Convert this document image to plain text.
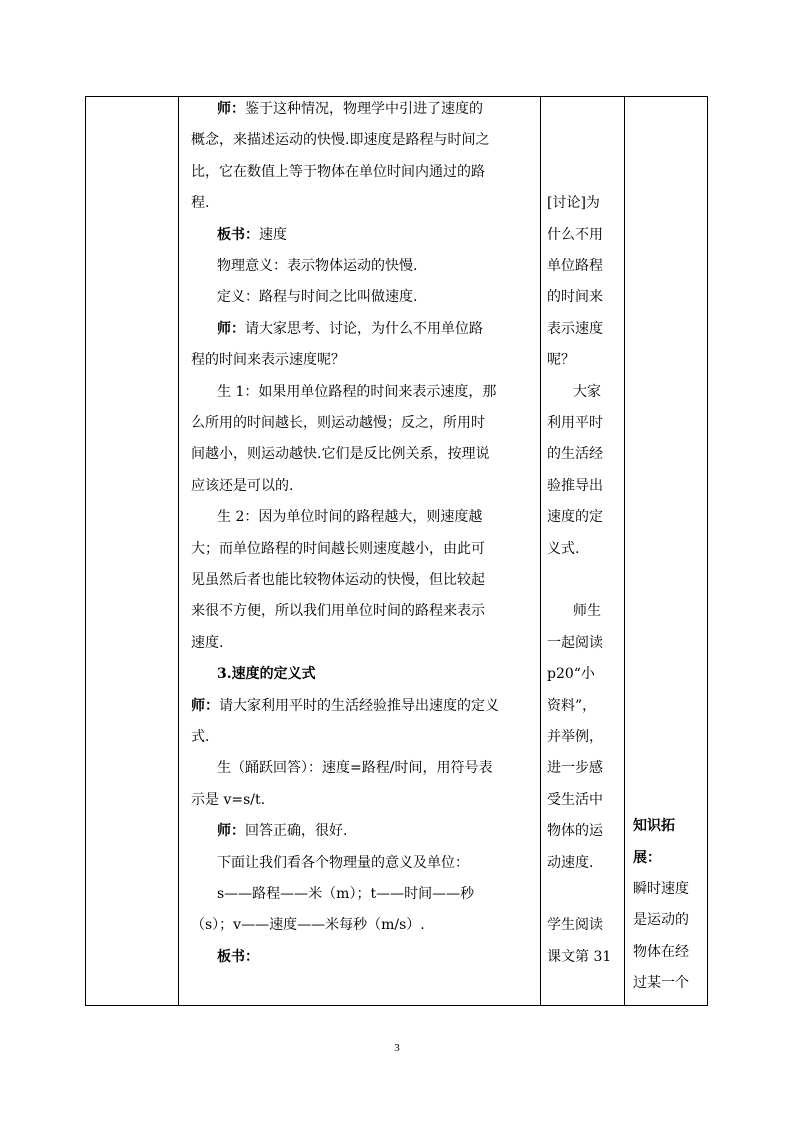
师：鉴于这种情况，物理学中引进了速度的
概念，来描述运动的快慢.即速度是路程与时间之
比，它在数值上等于物体在单位时间内通过的路
程.
板书：速度
物理意义：表示物体运动的快慢.
定义：路程与时间之比叫做速度.
师：请大家思考、讨论，为什么不用单位路
程的时间来表示速度呢？
生 1：如果用单位路程的时间来表示速度，那
么所用的时间越长，则运动越慢；反之，所用时
间越小，则运动越快.它们是反比例关系，按理说
应该还是可以的.
生 2：因为单位时间的路程越大，则速度越
大；而单位路程的时间越长则速度越小，由此可
见虽然后者也能比较物体运动的快慢，但比较起
来很不方便，所以我们用单位时间的路程来表示
速度.
3.速度的定义式
师：请大家利用平时的生活经验推导出速度的定义
式.
生（踊跃回答）：速度=路程/时间，用符号表
示是 v=s/t.
师：回答正确，很好.
下面让我们看各个物理量的意义及单位：
s——路程——米（m）；t——时间——秒
（s）；v——速度——米每秒（m/s）.
板书：
[讨论]为
什么不用
单位路程
的时间来
表示速度
呢？
大家
利用平时
的生活经
验推导出
速度的定
义式.
师生
一起阅读
p20“小
资料”，
并举例，
进一步感
受生活中
物体的运
动速度.
学生阅读
课文第 31
知识拓
展：
瞬时速度
是运动的
物体在经
过某一个
3
